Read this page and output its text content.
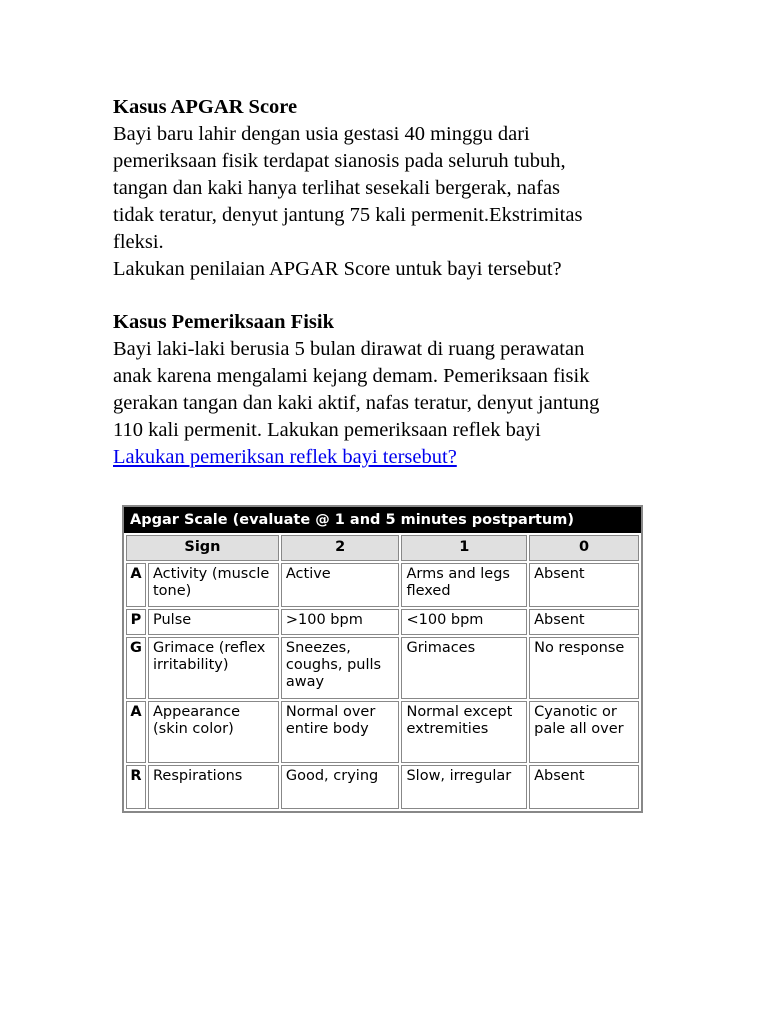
Kasus APGAR Score
Bayi baru lahir dengan usia gestasi 40 minggu dari
pemeriksaan fisik terdapat sianosis pada seluruh tubuh,
tangan dan kaki hanya terlihat sesekali bergerak, nafas
tidak teratur, denyut jantung 75 kali permenit.Ekstrimitas
fleksi.
Lakukan penilaian APGAR Score untuk bayi tersebut?
Kasus Pemeriksaan Fisik
Bayi laki-laki berusia 5 bulan dirawat di ruang perawatan
anak karena mengalami kejang demam. Pemeriksaan fisik
gerakan tangan dan kaki aktif, nafas teratur, denyut jantung
110 kali permenit. Lakukan pemeriksaan reflek bayi
Lakukan pemeriksan reflek bayi tersebut?
Apgar Scale (evaluate @ 1 and 5 minutes postpartum)
Sign		2	1	0
A	Activity (muscle tone)	Active	Arms and legs flexed	Absent
P	Pulse	>100 bpm	<100 bpm	Absent
G	Grimace (reflex irritability)	Sneezes, coughs, pulls away	Grimaces	No response
A	Appearance (skin color)	Normal over entire body	Normal except extremities	Cyanotic or pale all over
R	Respirations	Good, crying	Slow, irregular	Absent
